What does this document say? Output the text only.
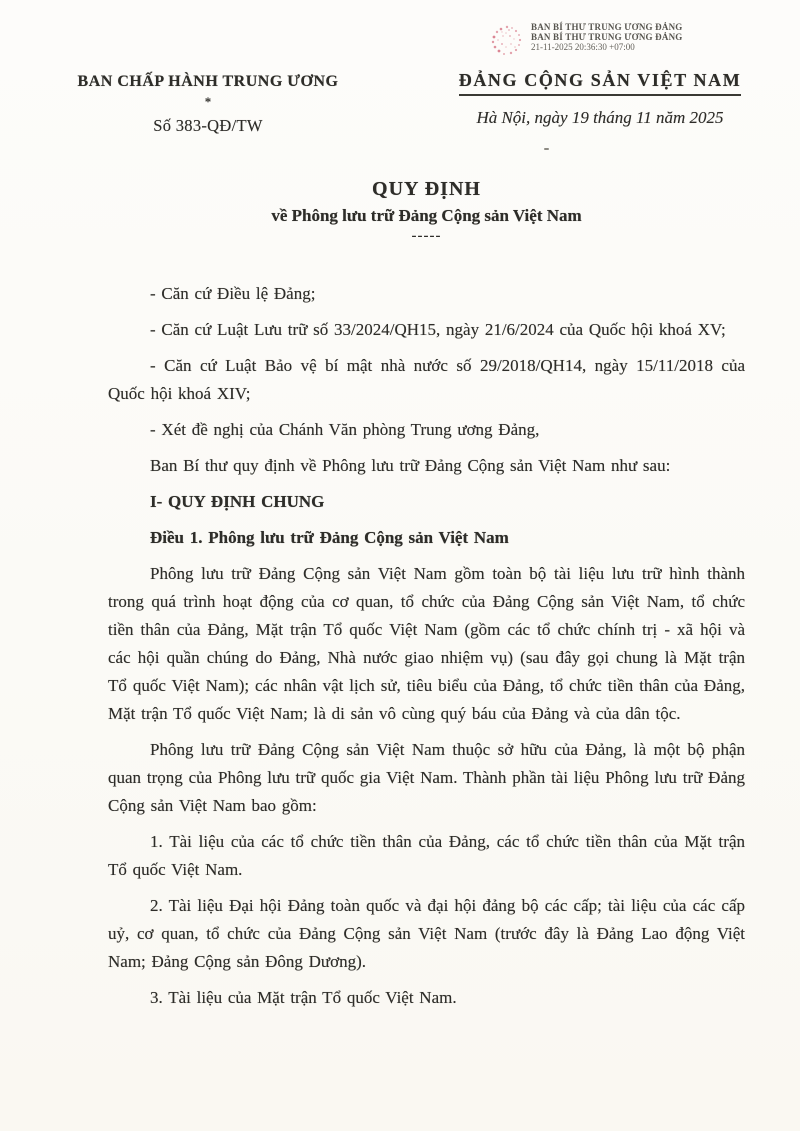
BAN BÍ THƯ TRUNG ƯƠNG ĐẢNG
BAN BÍ THƯ TRUNG ƯƠNG ĐẢNG
21-11-2025 20:36:30 +07:00
BAN CHẤP HÀNH TRUNG ƯƠNG
*
Số 383-QĐ/TW
ĐẢNG CỘNG SẢN VIỆT NAM
Hà Nội, ngày 19 tháng 11 năm 2025
QUY ĐỊNH
về Phông lưu trữ Đảng Cộng sản Việt Nam
-----

- Căn cứ Điều lệ Đảng;

- Căn cứ Luật Lưu trữ số 33/2024/QH15, ngày 21/6/2024 của Quốc hội khoá XV;

- Căn cứ Luật Bảo vệ bí mật nhà nước số 29/2018/QH14, ngày 15/11/2018 của Quốc hội khoá XIV;

- Xét đề nghị của Chánh Văn phòng Trung ương Đảng,

Ban Bí thư quy định về Phông lưu trữ Đảng Cộng sản Việt Nam như sau:

I- QUY ĐỊNH CHUNG

Điều 1. Phông lưu trữ Đảng Cộng sản Việt Nam

Phông lưu trữ Đảng Cộng sản Việt Nam gồm toàn bộ tài liệu lưu trữ hình thành trong quá trình hoạt động của cơ quan, tổ chức của Đảng Cộng sản Việt Nam, tổ chức tiền thân của Đảng, Mặt trận Tổ quốc Việt Nam (gồm các tổ chức chính trị - xã hội và các hội quần chúng do Đảng, Nhà nước giao nhiệm vụ) (sau đây gọi chung là Mặt trận Tổ quốc Việt Nam); các nhân vật lịch sử, tiêu biểu của Đảng, tổ chức tiền thân của Đảng, Mặt trận Tổ quốc Việt Nam; là di sản vô cùng quý báu của Đảng và của dân tộc.

Phông lưu trữ Đảng Cộng sản Việt Nam thuộc sở hữu của Đảng, là một bộ phận quan trọng của Phông lưu trữ quốc gia Việt Nam. Thành phần tài liệu Phông lưu trữ Đảng Cộng sản Việt Nam bao gồm:

1. Tài liệu của các tổ chức tiền thân của Đảng, các tổ chức tiền thân của Mặt trận Tổ quốc Việt Nam.

2. Tài liệu Đại hội Đảng toàn quốc và đại hội đảng bộ các cấp; tài liệu của các cấp uỷ, cơ quan, tổ chức của Đảng Cộng sản Việt Nam (trước đây là Đảng Lao động Việt Nam; Đảng Cộng sản Đông Dương).

3. Tài liệu của Mặt trận Tổ quốc Việt Nam.
